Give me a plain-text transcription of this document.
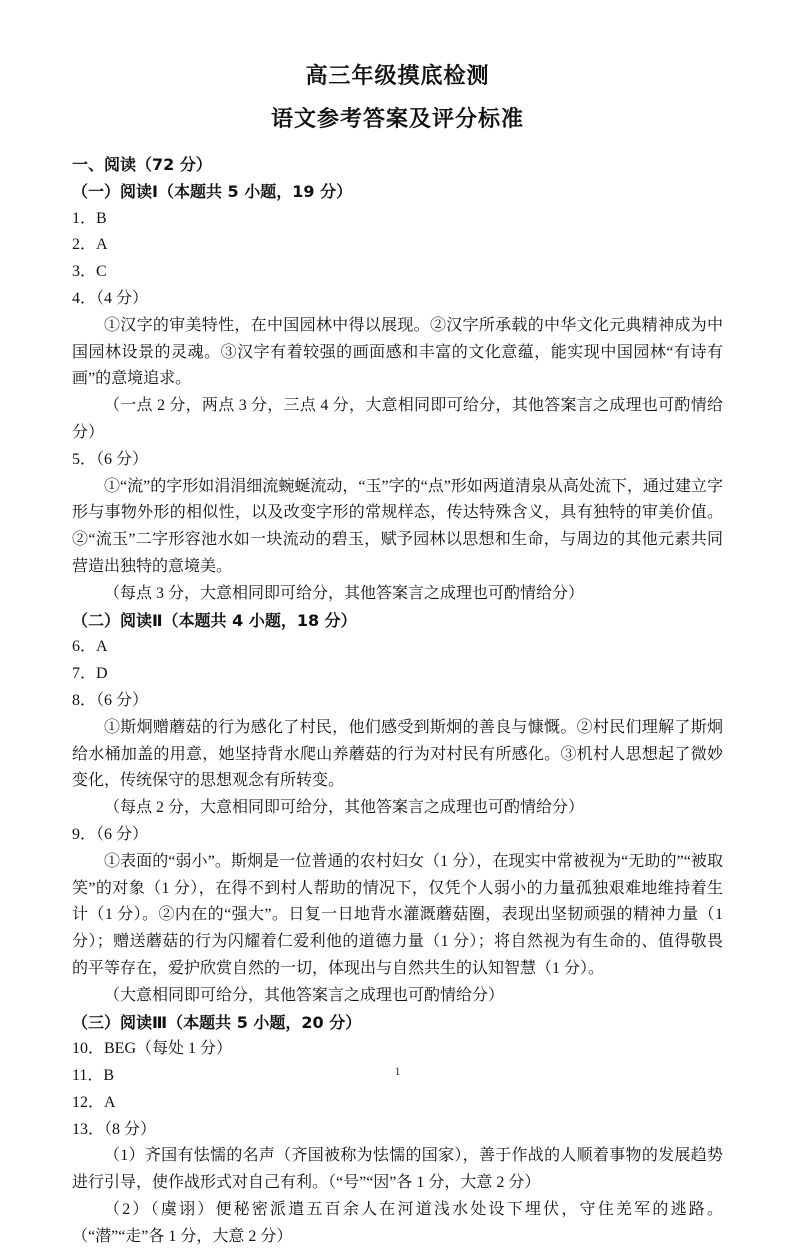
高三年级摸底检测
语文参考答案及评分标准

一、阅读（72 分）

（一）阅读Ⅰ（本题共 5 小题，19 分）

1．B

2．A

3．C

4．（4 分）

①汉字的审美特性，在中国园林中得以展现。②汉字所承载的中华文化元典精神成为中国园林设景的灵魂。③汉字有着较强的画面感和丰富的文化意蕴，能实现中国园林“有诗有画”的意境追求。

（一点 2 分，两点 3 分，三点 4 分，大意相同即可给分，其他答案言之成理也可酌情给分）

5．（6 分）

①“流”的字形如涓涓细流蜿蜒流动，“玉”字的“点”形如两道清泉从高处流下，通过建立字形与事物外形的相似性，以及改变字形的常规样态，传达特殊含义，具有独特的审美价值。②“流玉”二字形容池水如一块流动的碧玉，赋予园林以思想和生命，与周边的其他元素共同营造出独特的意境美。

（每点 3 分，大意相同即可给分，其他答案言之成理也可酌情给分）

（二）阅读Ⅱ（本题共 4 小题，18 分）

6．A

7．D

8．（6 分）

①斯炯赠蘑菇的行为感化了村民，他们感受到斯炯的善良与慷慨。②村民们理解了斯炯给水桶加盖的用意，她坚持背水爬山养蘑菇的行为对村民有所感化。③机村人思想起了微妙变化，传统保守的思想观念有所转变。

（每点 2 分，大意相同即可给分，其他答案言之成理也可酌情给分）

9．（6 分）

①表面的“弱小”。斯炯是一位普通的农村妇女（1 分），在现实中常被视为“无助的”“被取笑”的对象（1 分），在得不到村人帮助的情况下，仅凭个人弱小的力量孤独艰难地维持着生计（1 分）。②内在的“强大”。日复一日地背水灌溉蘑菇圈，表现出坚韧顽强的精神力量（1 分）；赠送蘑菇的行为闪耀着仁爱利他的道德力量（1 分）；将自然视为有生命的、值得敬畏的平等存在，爱护欣赏自然的一切，体现出与自然共生的认知智慧（1 分）。

（大意相同即可给分，其他答案言之成理也可酌情给分）

（三）阅读Ⅲ（本题共 5 小题，20 分）

10．BEG（每处 1 分）

11．B

12．A

13．（8 分）

（1）齐国有怯懦的名声（齐国被称为怯懦的国家），善于作战的人顺着事物的发展趋势进行引导，使作战形式对自己有利。（“号”“因”各 1 分，大意 2 分）

（2）（虞诩）便秘密派遣五百余人在河道浅水处设下埋伏，守住羌军的逃路。（“潜”“走”各 1 分，大意 2 分）

1
